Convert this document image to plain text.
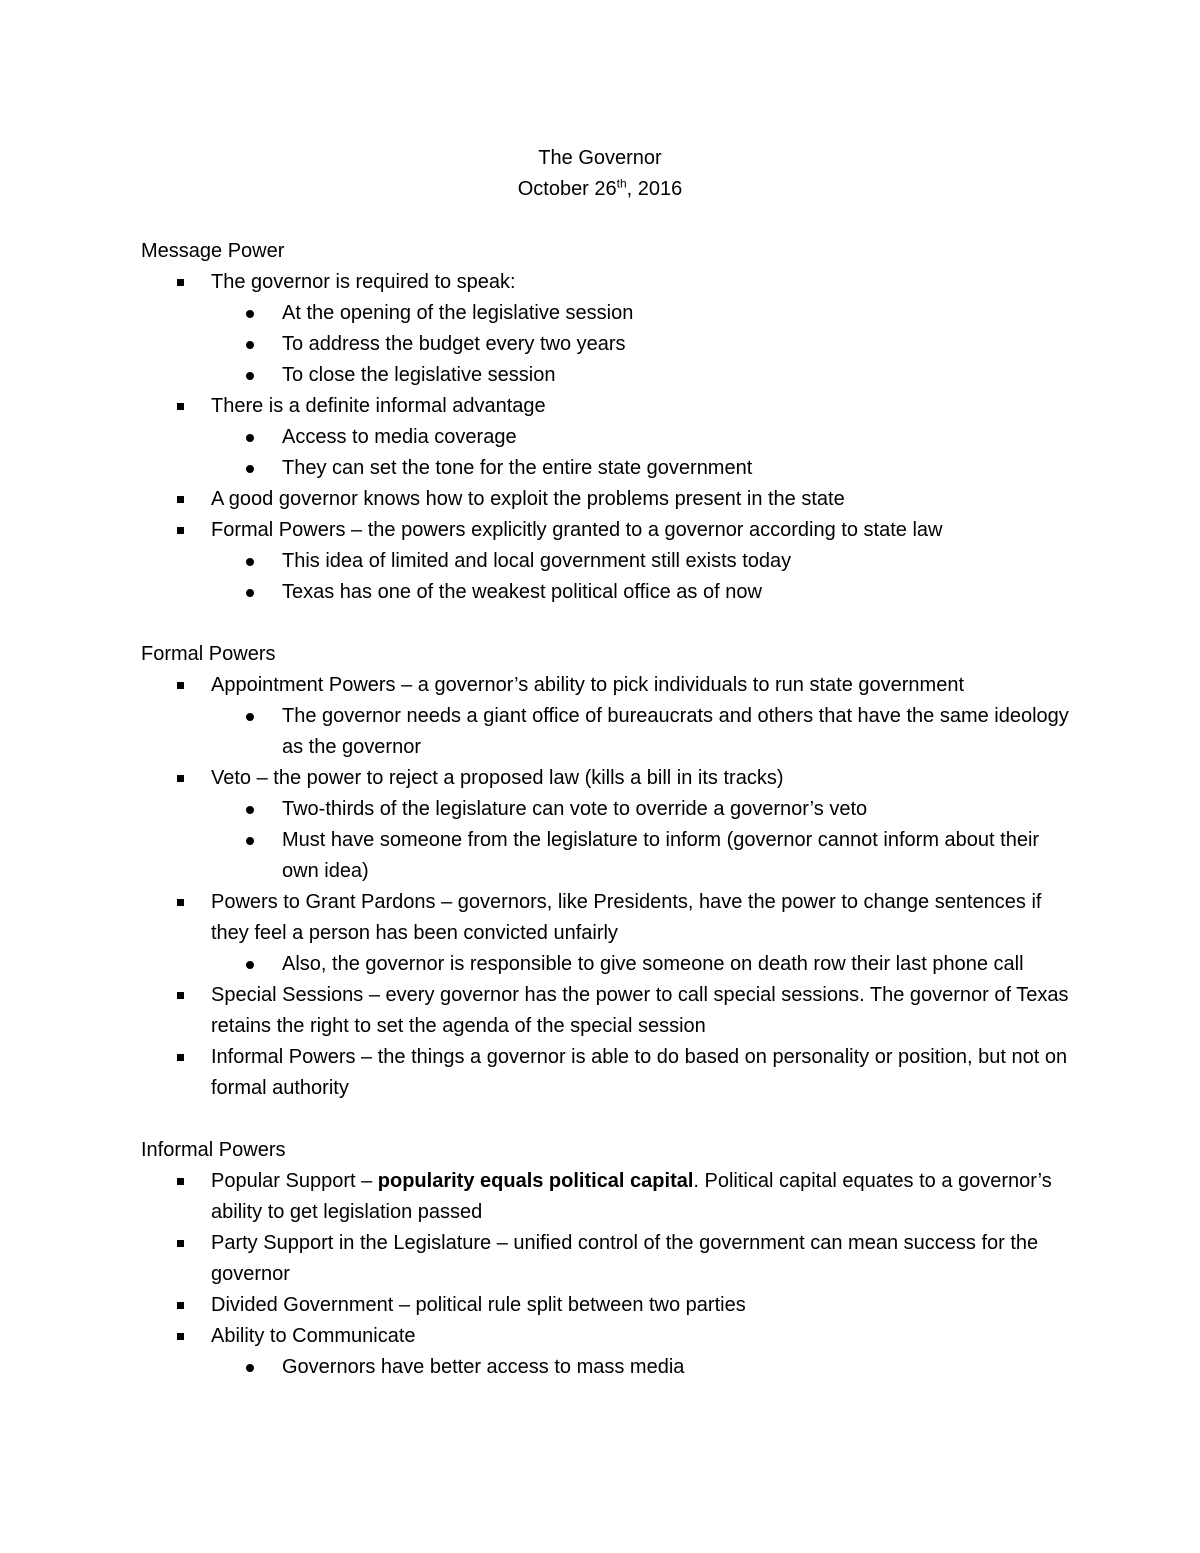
The Governor
October 26th, 2016
Message Power
The governor is required to speak:
At the opening of the legislative session
To address the budget every two years
To close the legislative session
There is a definite informal advantage
Access to media coverage
They can set the tone for the entire state government
A good governor knows how to exploit the problems present in the state
Formal Powers – the powers explicitly granted to a governor according to state law
This idea of limited and local government still exists today
Texas has one of the weakest political office as of now
Formal Powers
Appointment Powers – a governor’s ability to pick individuals to run state government
The governor needs a giant office of bureaucrats and others that have the same ideology as the governor
Veto – the power to reject a proposed law (kills a bill in its tracks)
Two-thirds of the legislature can vote to override a governor’s veto
Must have someone from the legislature to inform (governor cannot inform about their own idea)
Powers to Grant Pardons – governors, like Presidents, have the power to change sentences if they feel a person has been convicted unfairly
Also, the governor is responsible to give someone on death row their last phone call
Special Sessions – every governor has the power to call special sessions. The governor of Texas retains the right to set the agenda of the special session
Informal Powers – the things a governor is able to do based on personality or position, but not on formal authority
Informal Powers
Popular Support – popularity equals political capital. Political capital equates to a governor’s ability to get legislation passed
Party Support in the Legislature – unified control of the government can mean success for the governor
Divided Government – political rule split between two parties
Ability to Communicate
Governors have better access to mass media
